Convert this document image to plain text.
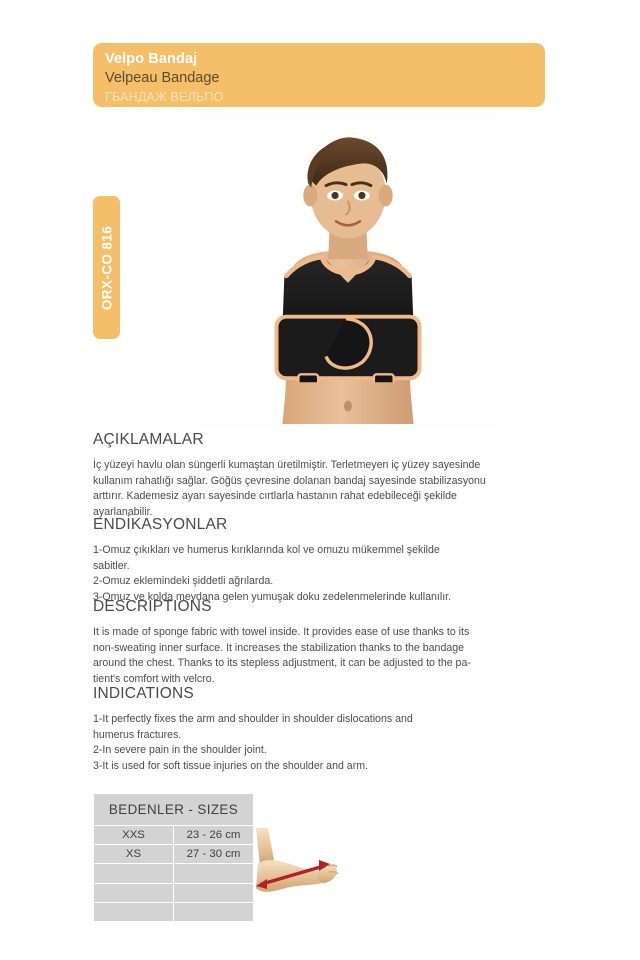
Velpo Bandaj

Velpeau Bandage

ГБАНДАЖ ВЕЛЬПО

ORX-CO 816
AÇIKLAMALAR

İç yüzeyi havlu olan süngerli kumaştan üretilmiştir. Terletmeyen iç yüzey sayesinde
kullanım rahatlığı sağlar. Göğüs çevresine dolanan bandaj sayesinde stabilizasyonu
arttırır. Kademesiz ayarı sayesinde cırtlarla hastanın rahat edebileceği şekilde
ayarlanabilir.

ENDİKASYONLAR

1-Omuz çıkıkları ve humerus kırıklarında kol ve omuzu mükemmel şekilde
sabitler.
2-Omuz eklemindeki şiddetli ağrılarda.
3-Omuz ve kolda meydana gelen yumuşak doku zedelenmelerinde kullanılır.

DESCRIPTIONS

It is made of sponge fabric with towel inside. It provides ease of use thanks to its
non-sweating inner surface. It increases the stabilization thanks to the bandage
around the chest. Thanks to its stepless adjustment, it can be adjusted to the pa-
tient's comfort with velcro.

INDICATIONS

1-It perfectly fixes the arm and shoulder in shoulder dislocations and
humerus fractures.
2-In severe pain in the shoulder joint.
3-It is used for soft tissue injuries on the shoulder and arm.

BEDENLER - SIZES		
XXS	23 - 26 cm	

XS	27 - 30 cm	
